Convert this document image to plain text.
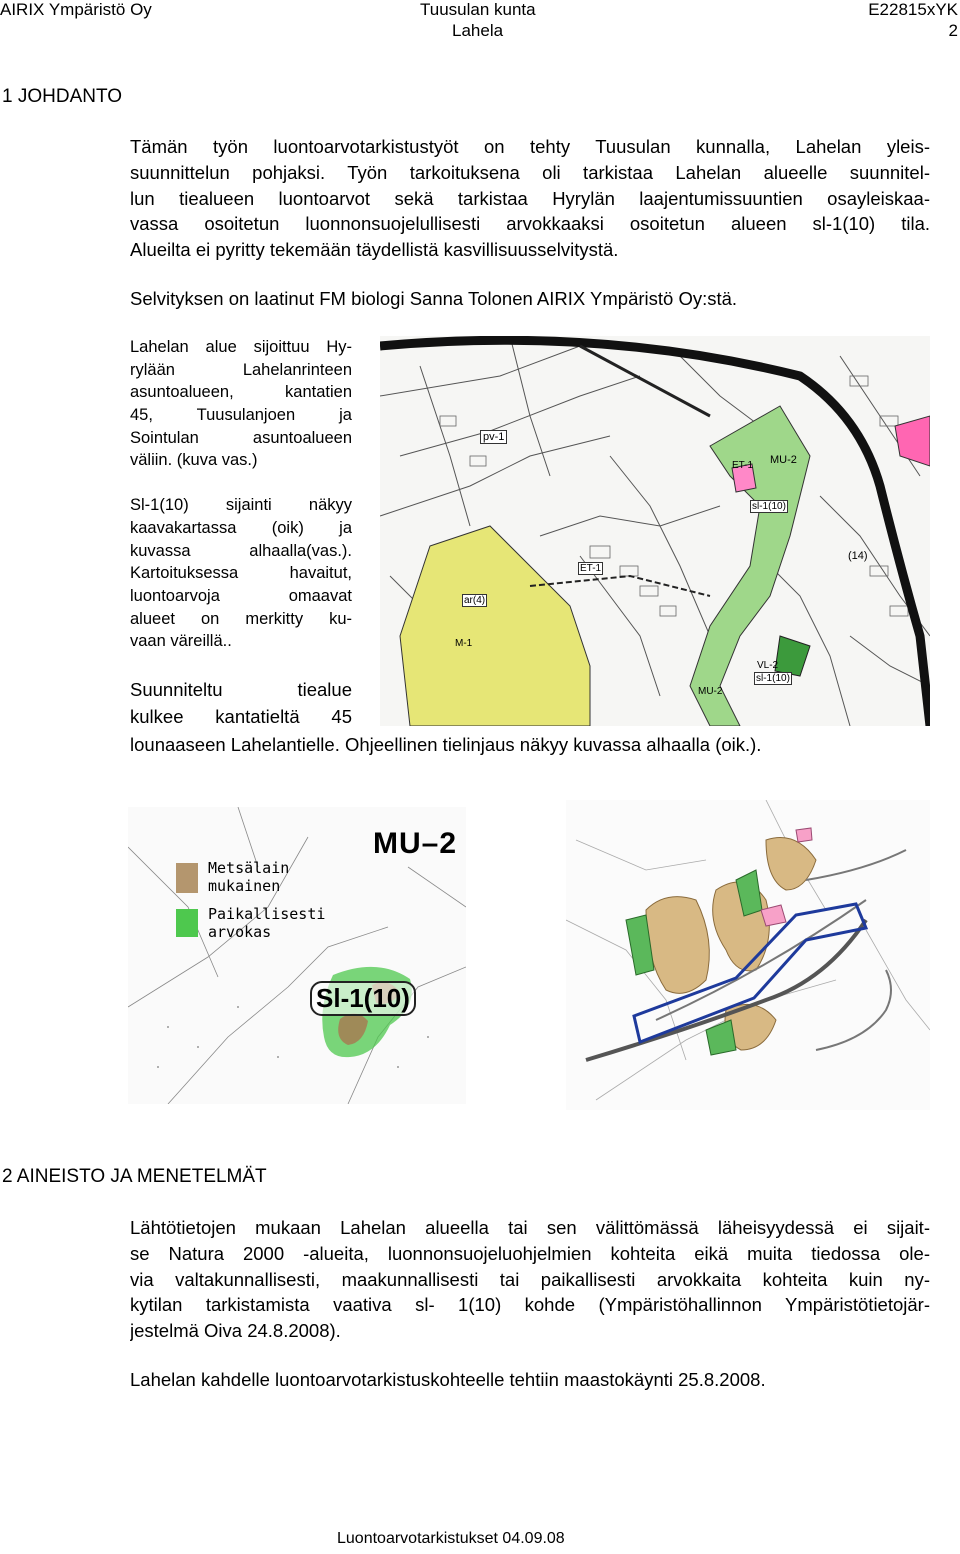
AIRIX Ympäristö Oy	Tuusulan kunta	E22815xYK
Lahela	2
1 JOHDANTO
Tämän työn luontoarvotarkistustyöt on tehty Tuusulan kunnalla, Lahelan yleis-
suunnittelun pohjaksi. Työn tarkoituksena oli tarkistaa Lahelan alueelle suunnitel-
lun tiealueen luontoarvot sekä tarkistaa Hyrylän laajentumissuuntien osayleiskaa-
vassa osoitetun luonnonsuojelullisesti arvokkaaksi osoitetun alueen sl-1(10) tila.
Alueilta ei pyritty tekemään täydellistä kasvillisuusselvitystä.
Selvityksen on laatinut FM biologi Sanna Tolonen AIRIX Ympäristö Oy:stä.
Lahelan alue sijoittuu Hy-
rylään Lahelanrinteen
asuntoalueen, kantatien
45, Tuusulanjoen ja
Sointulan asuntoalueen
väliin. (kuva vas.)
Sl-1(10) sijainti näkyy
kaavakartassa (oik) ja
kuvassa alhaalla(vas.).
Kartoituksessa havaitut,
luontoarvoja omaavat
alueet on merkitty ku-
vaan väreillä..
Suunniteltu tiealue
kulkee kantatieltä 45
lounaaseen Lahelantielle. Ohjeellinen tielinjaus näkyy kuvassa alhaalla (oik.).
pv-1
ET-1 MU-2
sl-1(10)
(14)
ET-1
ar(4)
M-1
VL-2
sl-1(10)
MU-2
MU–2
Metsälain
mukainen
Paikallisesti
arvokas
Sl-1(10)
2 AINEISTO JA MENETELMÄT
Lähtötietojen mukaan Lahelan alueella tai sen välittömässä läheisyydessä ei sijait-
se Natura 2000 -alueita, luonnonsuojeluohjelmien kohteita eikä muita tiedossa ole-
via valtakunnallisesti, maakunnallisesti tai paikallisesti arvokkaita kohteita kuin ny-
kytilan tarkistamista vaativa sl- 1(10) kohde (Ympäristöhallinnon Ympäristötietojär-
jestelmä Oiva 24.8.2008).
Lahelan kahdelle luontoarvotarkistuskohteelle tehtiin maastokäynti 25.8.2008.
Luontoarvotarkistukset 04.09.08
